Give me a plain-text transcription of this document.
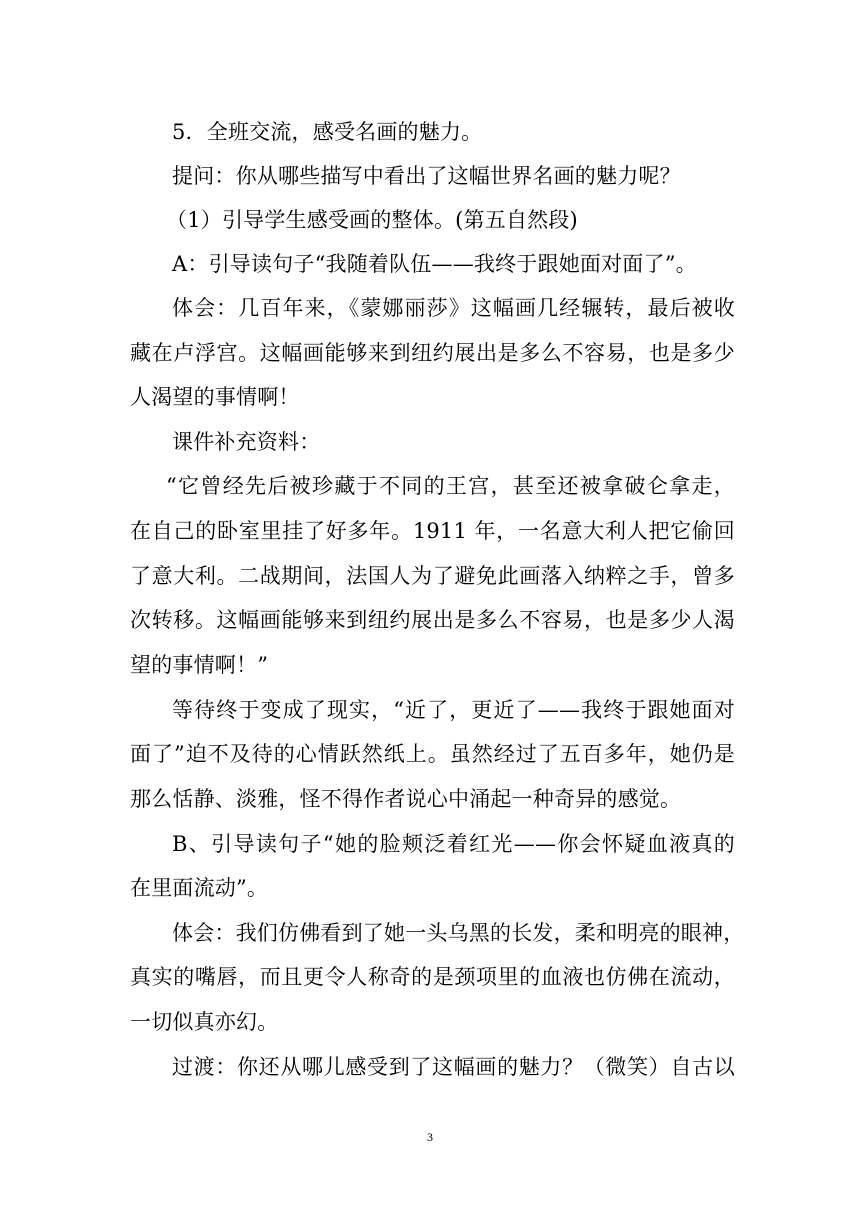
5．全班交流，感受名画的魅力。
提问：你从哪些描写中看出了这幅世界名画的魅力呢？
（1）引导学生感受画的整体。(第五自然段)
A：引导读句子“我随着队伍——我终于跟她面对面了”。
体会：几百年来，《蒙娜丽莎》这幅画几经辗转，最后被收
藏在卢浮宫。这幅画能够来到纽约展出是多么不容易，也是多少
人渴望的事情啊！
课件补充资料：
“它曾经先后被珍藏于不同的王宫，甚至还被拿破仑拿走，
在自己的卧室里挂了好多年。1911 年，一名意大利人把它偷回
了意大利。二战期间，法国人为了避免此画落入纳粹之手，曾多
次转移。这幅画能够来到纽约展出是多么不容易，也是多少人渴
望的事情啊！”
等待终于变成了现实，“近了，更近了——我终于跟她面对
面了”迫不及待的心情跃然纸上。虽然经过了五百多年，她仍是
那么恬静、淡雅，怪不得作者说心中涌起一种奇异的感觉。
B、引导读句子“她的脸颊泛着红光——你会怀疑血液真的
在里面流动”。
体会：我们仿佛看到了她一头乌黑的长发，柔和明亮的眼神，
真实的嘴唇，而且更令人称奇的是颈项里的血液也仿佛在流动，
一切似真亦幻。
过渡：你还从哪儿感受到了这幅画的魅力？（微笑）自古以
3
